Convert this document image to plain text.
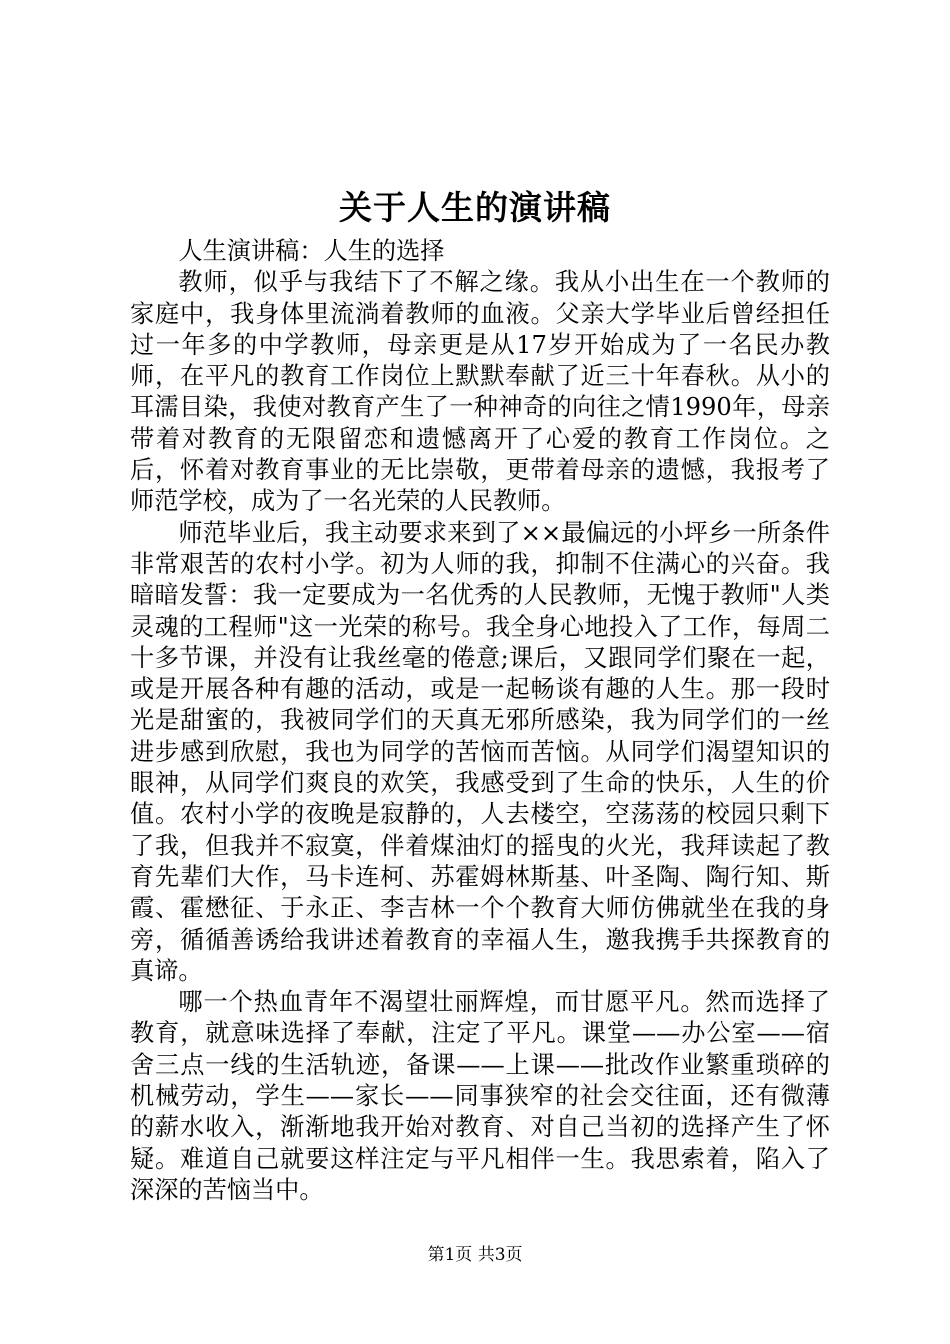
关于人生的演讲稿

人生演讲稿：人生的选择

教师，似乎与我结下了不解之缘。我从小出生在一个教师的家庭中，我身体里流淌着教师的血液。父亲大学毕业后曾经担任过一年多的中学教师，母亲更是从17岁开始成为了一名民办教师，在平凡的教育工作岗位上默默奉献了近三十年春秋。从小的耳濡目染，我使对教育产生了一种神奇的向往之情1990年，母亲带着对教育的无限留恋和遗憾离开了心爱的教育工作岗位。之后，怀着对教育事业的无比崇敬，更带着母亲的遗憾，我报考了师范学校，成为了一名光荣的人民教师。

师范毕业后，我主动要求来到了××最偏远的小坪乡一所条件非常艰苦的农村小学。初为人师的我，抑制不住满心的兴奋。我暗暗发誓：我一定要成为一名优秀的人民教师，无愧于教师"人类灵魂的工程师"这一光荣的称号。我全身心地投入了工作，每周二十多节课，并没有让我丝毫的倦意;课后，又跟同学们聚在一起，或是开展各种有趣的活动，或是一起畅谈有趣的人生。那一段时光是甜蜜的，我被同学们的天真无邪所感染，我为同学们的一丝进步感到欣慰，我也为同学的苦恼而苦恼。从同学们渴望知识的眼神，从同学们爽良的欢笑，我感受到了生命的快乐，人生的价值。农村小学的夜晚是寂静的，人去楼空，空荡荡的校园只剩下了我，但我并不寂寞，伴着煤油灯的摇曳的火光，我拜读起了教育先辈们大作，马卡连柯、苏霍姆林斯基、叶圣陶、陶行知、斯霞、霍懋征、于永正、李吉林一个个教育大师仿佛就坐在我的身旁，循循善诱给我讲述着教育的幸福人生，邀我携手共探教育的真谛。

哪一个热血青年不渴望壮丽辉煌，而甘愿平凡。然而选择了教育，就意味选择了奉献，注定了平凡。课堂——办公室——宿舍三点一线的生活轨迹，备课——上课——批改作业繁重琐碎的机械劳动，学生——家长——同事狭窄的社会交往面，还有微薄的薪水收入，渐渐地我开始对教育、对自己当初的选择产生了怀疑。难道自己就要这样注定与平凡相伴一生。我思索着，陷入了深深的苦恼当中。

第1页 共3页
